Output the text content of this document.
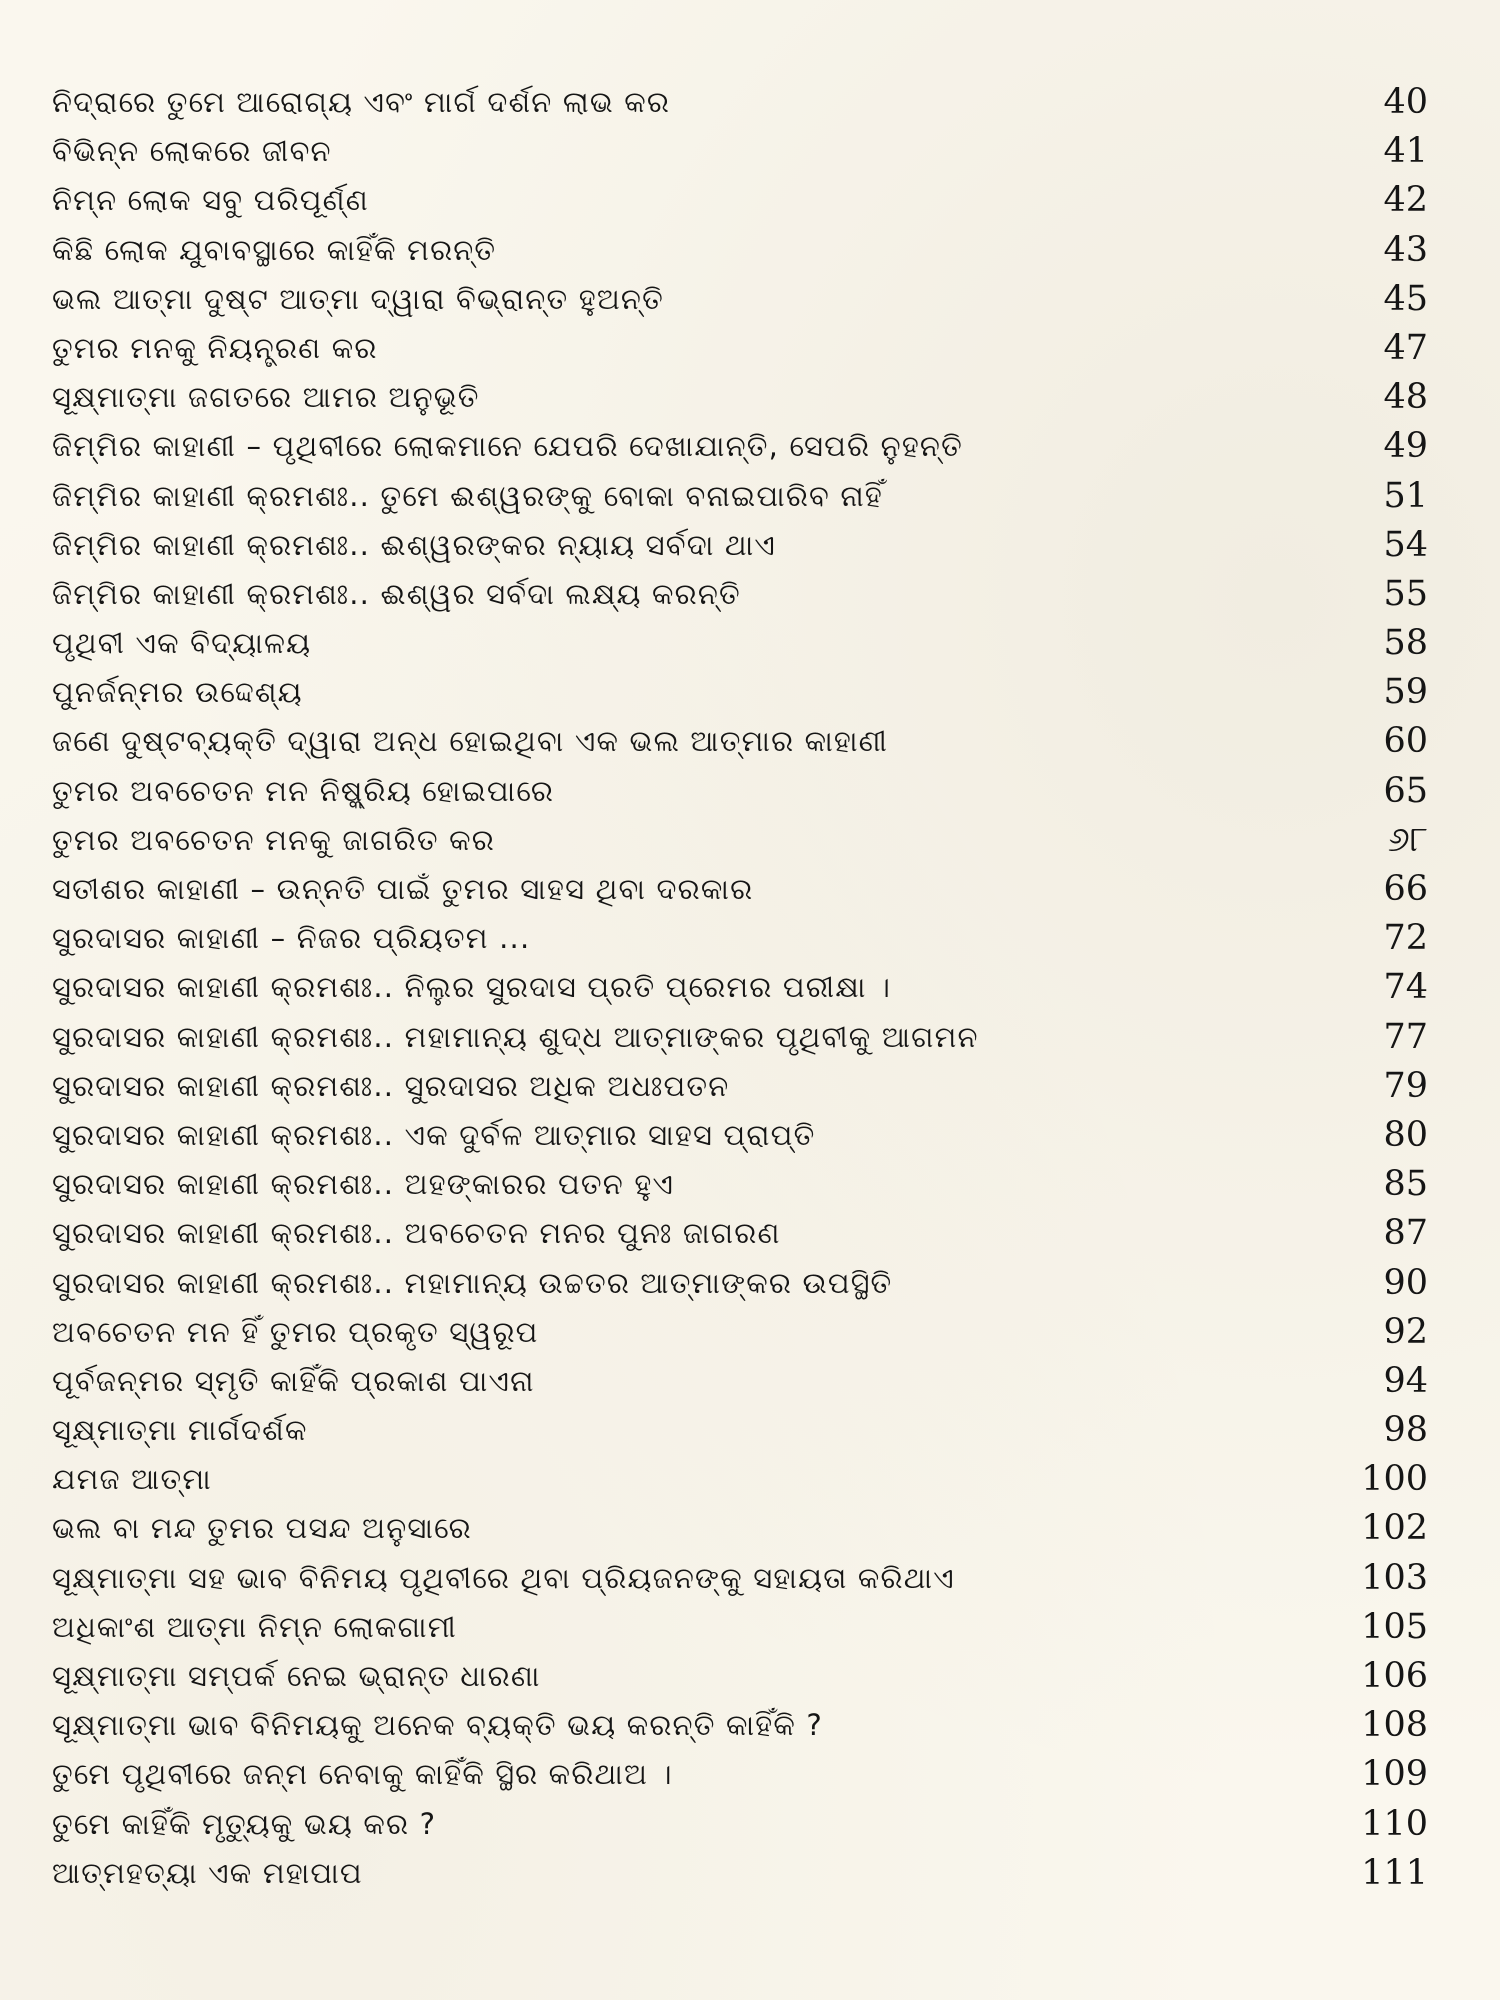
ନିଦ୍ରାରେ ତୁମେ ଆରୋଗ୍ୟ ଏବଂ ମାର୍ଗ ଦର୍ଶନ ଲାଭ କର	40
ବିଭିନ୍ନ ଲୋକରେ ଜୀବନ	41
ନିମ୍ନ ଲୋକ ସବୁ ପରିପୂର୍ଣ୍ଣ	42
କିଛି ଲୋକ ଯୁବାବସ୍ଥାରେ କାହିଁକି ମରନ୍ତି	43
ଭଲ ଆତ୍ମା ଦୁଷ୍ଟ ଆତ୍ମା ଦ୍ୱାରା ବିଭ୍ରାନ୍ତ ହୁଅନ୍ତି	45
ତୁମର ମନକୁ ନିୟନ୍ତ୍ରଣ କର	47
ସୂକ୍ଷ୍ମାତ୍ମା ଜଗତରେ ଆମର ଅନୁଭୂତି	48
ଜିମ୍ମିର କାହାଣୀ – ପୃଥିବୀରେ ଲୋକମାନେ ଯେପରି ଦେଖାଯାନ୍ତି, ସେପରି ନୁହନ୍ତି	49
ଜିମ୍ମିର କାହାଣୀ କ୍ରମଶଃ.. ତୁମେ ଈଶ୍ୱରଙ୍କୁ ବୋକା ବନାଇପାରିବ ନାହିଁ	51
ଜିମ୍ମିର କାହାଣୀ କ୍ରମଶଃ.. ଈଶ୍ୱରଙ୍କର ନ୍ୟାୟ ସର୍ବଦା ଥାଏ	54
ଜିମ୍ମିର କାହାଣୀ କ୍ରମଶଃ.. ଈଶ୍ୱର ସର୍ବଦା ଲକ୍ଷ୍ୟ କରନ୍ତି	55
ପୃଥିବୀ ଏକ ବିଦ୍ୟାଳୟ	58
ପୁନର୍ଜନ୍ମର ଉଦ୍ଦେଶ୍ୟ	59
ଜଣେ ଦୁଷ୍ଟବ୍ୟକ୍ତି ଦ୍ୱାରା ଅନ୍ଧ ହୋଇଥିବା ଏକ ଭଲ ଆତ୍ମାର କାହାଣୀ	60
ତୁମର ଅବଚେତନ ମନ ନିଷ୍କ୍ରିୟ ହୋଇପାରେ	65
ତୁମର ଅବଚେତନ ମନକୁ ଜାଗରିତ କର	୬୮
ସତୀଶର କାହାଣୀ – ଉନ୍ନତି ପାଇଁ ତୁମର ସାହସ ଥିବା ଦରକାର	66
ସୁରଦାସର କାହାଣୀ – ନିଜର ପ୍ରିୟତମ ...	72
ସୁରଦାସର କାହାଣୀ କ୍ରମଶଃ.. ନିଲୁର ସୁରଦାସ ପ୍ରତି ପ୍ରେମର ପରୀକ୍ଷା ।	74
ସୁରଦାସର କାହାଣୀ କ୍ରମଶଃ.. ମହାମାନ୍ୟ ଶୁଦ୍ଧ ଆତ୍ମାଙ୍କର ପୃଥିବୀକୁ ଆଗମନ	77
ସୁରଦାସର କାହାଣୀ କ୍ରମଶଃ.. ସୁରଦାସର ଅଧିକ ଅଧଃପତନ	79
ସୁରଦାସର କାହାଣୀ କ୍ରମଶଃ.. ଏକ ଦୁର୍ବଳ ଆତ୍ମାର ସାହସ ପ୍ରାପ୍ତି	80
ସୁରଦାସର କାହାଣୀ କ୍ରମଶଃ.. ଅହଙ୍କାରର ପତନ ହୁଏ	85
ସୁରଦାସର କାହାଣୀ କ୍ରମଶଃ.. ଅବଚେତନ ମନର ପୁନଃ ଜାଗରଣ	87
ସୁରଦାସର କାହାଣୀ କ୍ରମଶଃ.. ମହାମାନ୍ୟ ଉଚ୍ଚତର ଆତ୍ମାଙ୍କର ଉପସ୍ଥିତି	90
ଅବଚେତନ ମନ ହିଁ ତୁମର ପ୍ରକୃତ ସ୍ୱରୂପ	92
ପୂର୍ବଜନ୍ମର ସ୍ମୃତି କାହିଁକି ପ୍ରକାଶ ପାଏନା	94
ସୂକ୍ଷ୍ମାତ୍ମା ମାର୍ଗଦର୍ଶକ	98
ଯମଜ ଆତ୍ମା	100
ଭଲ ବା ମନ୍ଦ ତୁମର ପସନ୍ଦ ଅନୁସାରେ	102
ସୂକ୍ଷ୍ମାତ୍ମା ସହ ଭାବ ବିନିମୟ ପୃଥିବୀରେ ଥିବା ପ୍ରିୟଜନଙ୍କୁ ସହାୟତା କରିଥାଏ	103
ଅଧିକାଂଶ ଆତ୍ମା ନିମ୍ନ ଲୋକଗାମୀ	105
ସୂକ୍ଷ୍ମାତ୍ମା ସମ୍ପର୍କ ନେଇ ଭ୍ରାନ୍ତ ଧାରଣା	106
ସୂକ୍ଷ୍ମାତ୍ମା ଭାବ ବିନିମୟକୁ ଅନେକ ବ୍ୟକ୍ତି ଭୟ କରନ୍ତି କାହିଁକି ?	108
ତୁମେ ପୃଥିବୀରେ ଜନ୍ମ ନେବାକୁ କାହିଁକି ସ୍ଥିର କରିଥାଅ ।	109
ତୁମେ କାହିଁକି ମୃତ୍ୟୁକୁ ଭୟ କର ?	110
ଆତ୍ମହତ୍ୟା ଏକ ମହାପାପ	111
